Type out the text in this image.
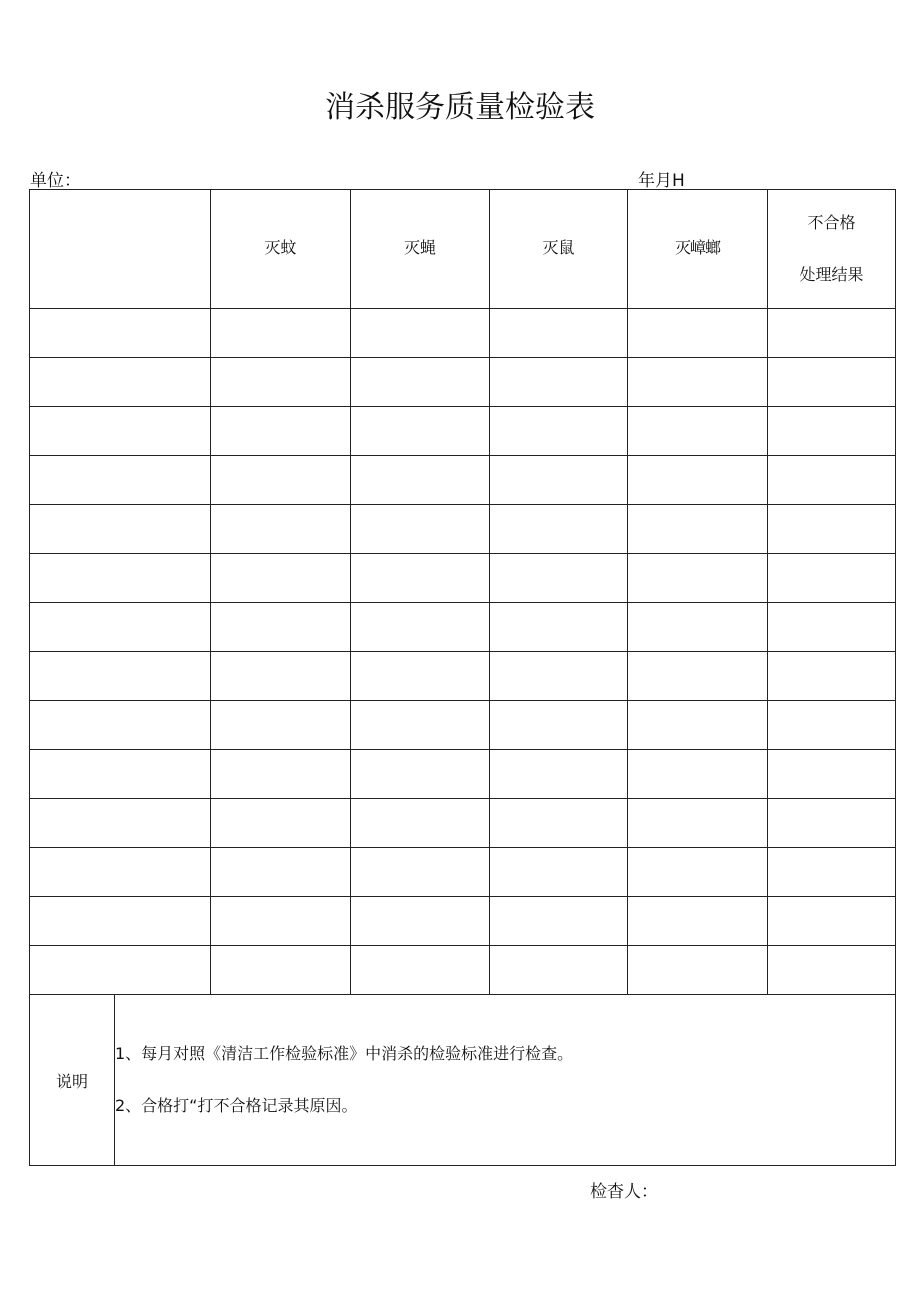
消杀服务质量检验表
单位：	年月H
		灭蚊	灭蝇	灭鼠	灭嶂螂	不合格
处理结果

说明	1、每月对照《清洁工作检验标准》中消杀的检验标准进行检查。
2、合格打“打不合格记录其原因。					
检杳人：
